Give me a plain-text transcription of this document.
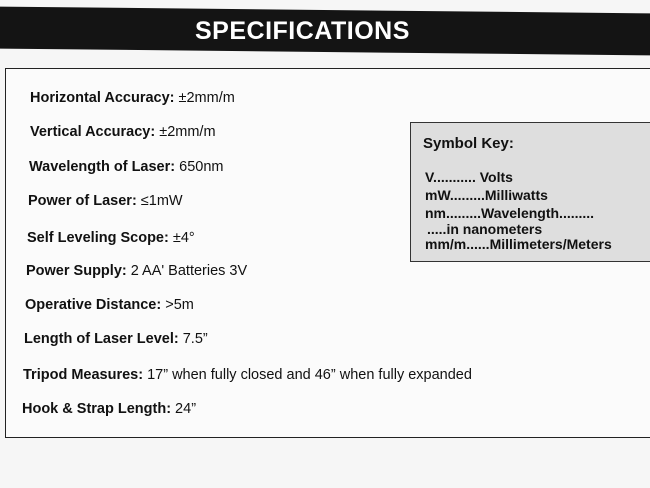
SPECIFICATIONS
Horizontal Accuracy: ±2mm/m
Vertical Accuracy: ±2mm/m
Wavelength of Laser: 650nm
Power of Laser: ≤1mW
Self Leveling Scope: ±4°
Power Supply: 2 AA' Batteries 3V
Operative Distance: >5m
Length of Laser Level: 7.5”
Tripod Measures: 17” when fully closed and 46” when fully expanded
Hook & Strap Length: 24”
Symbol Key:
V........... Volts
mW.........Milliwatts
nm.........Wavelength.........
.....in nanometers
mm/m......Millimeters/Meters
